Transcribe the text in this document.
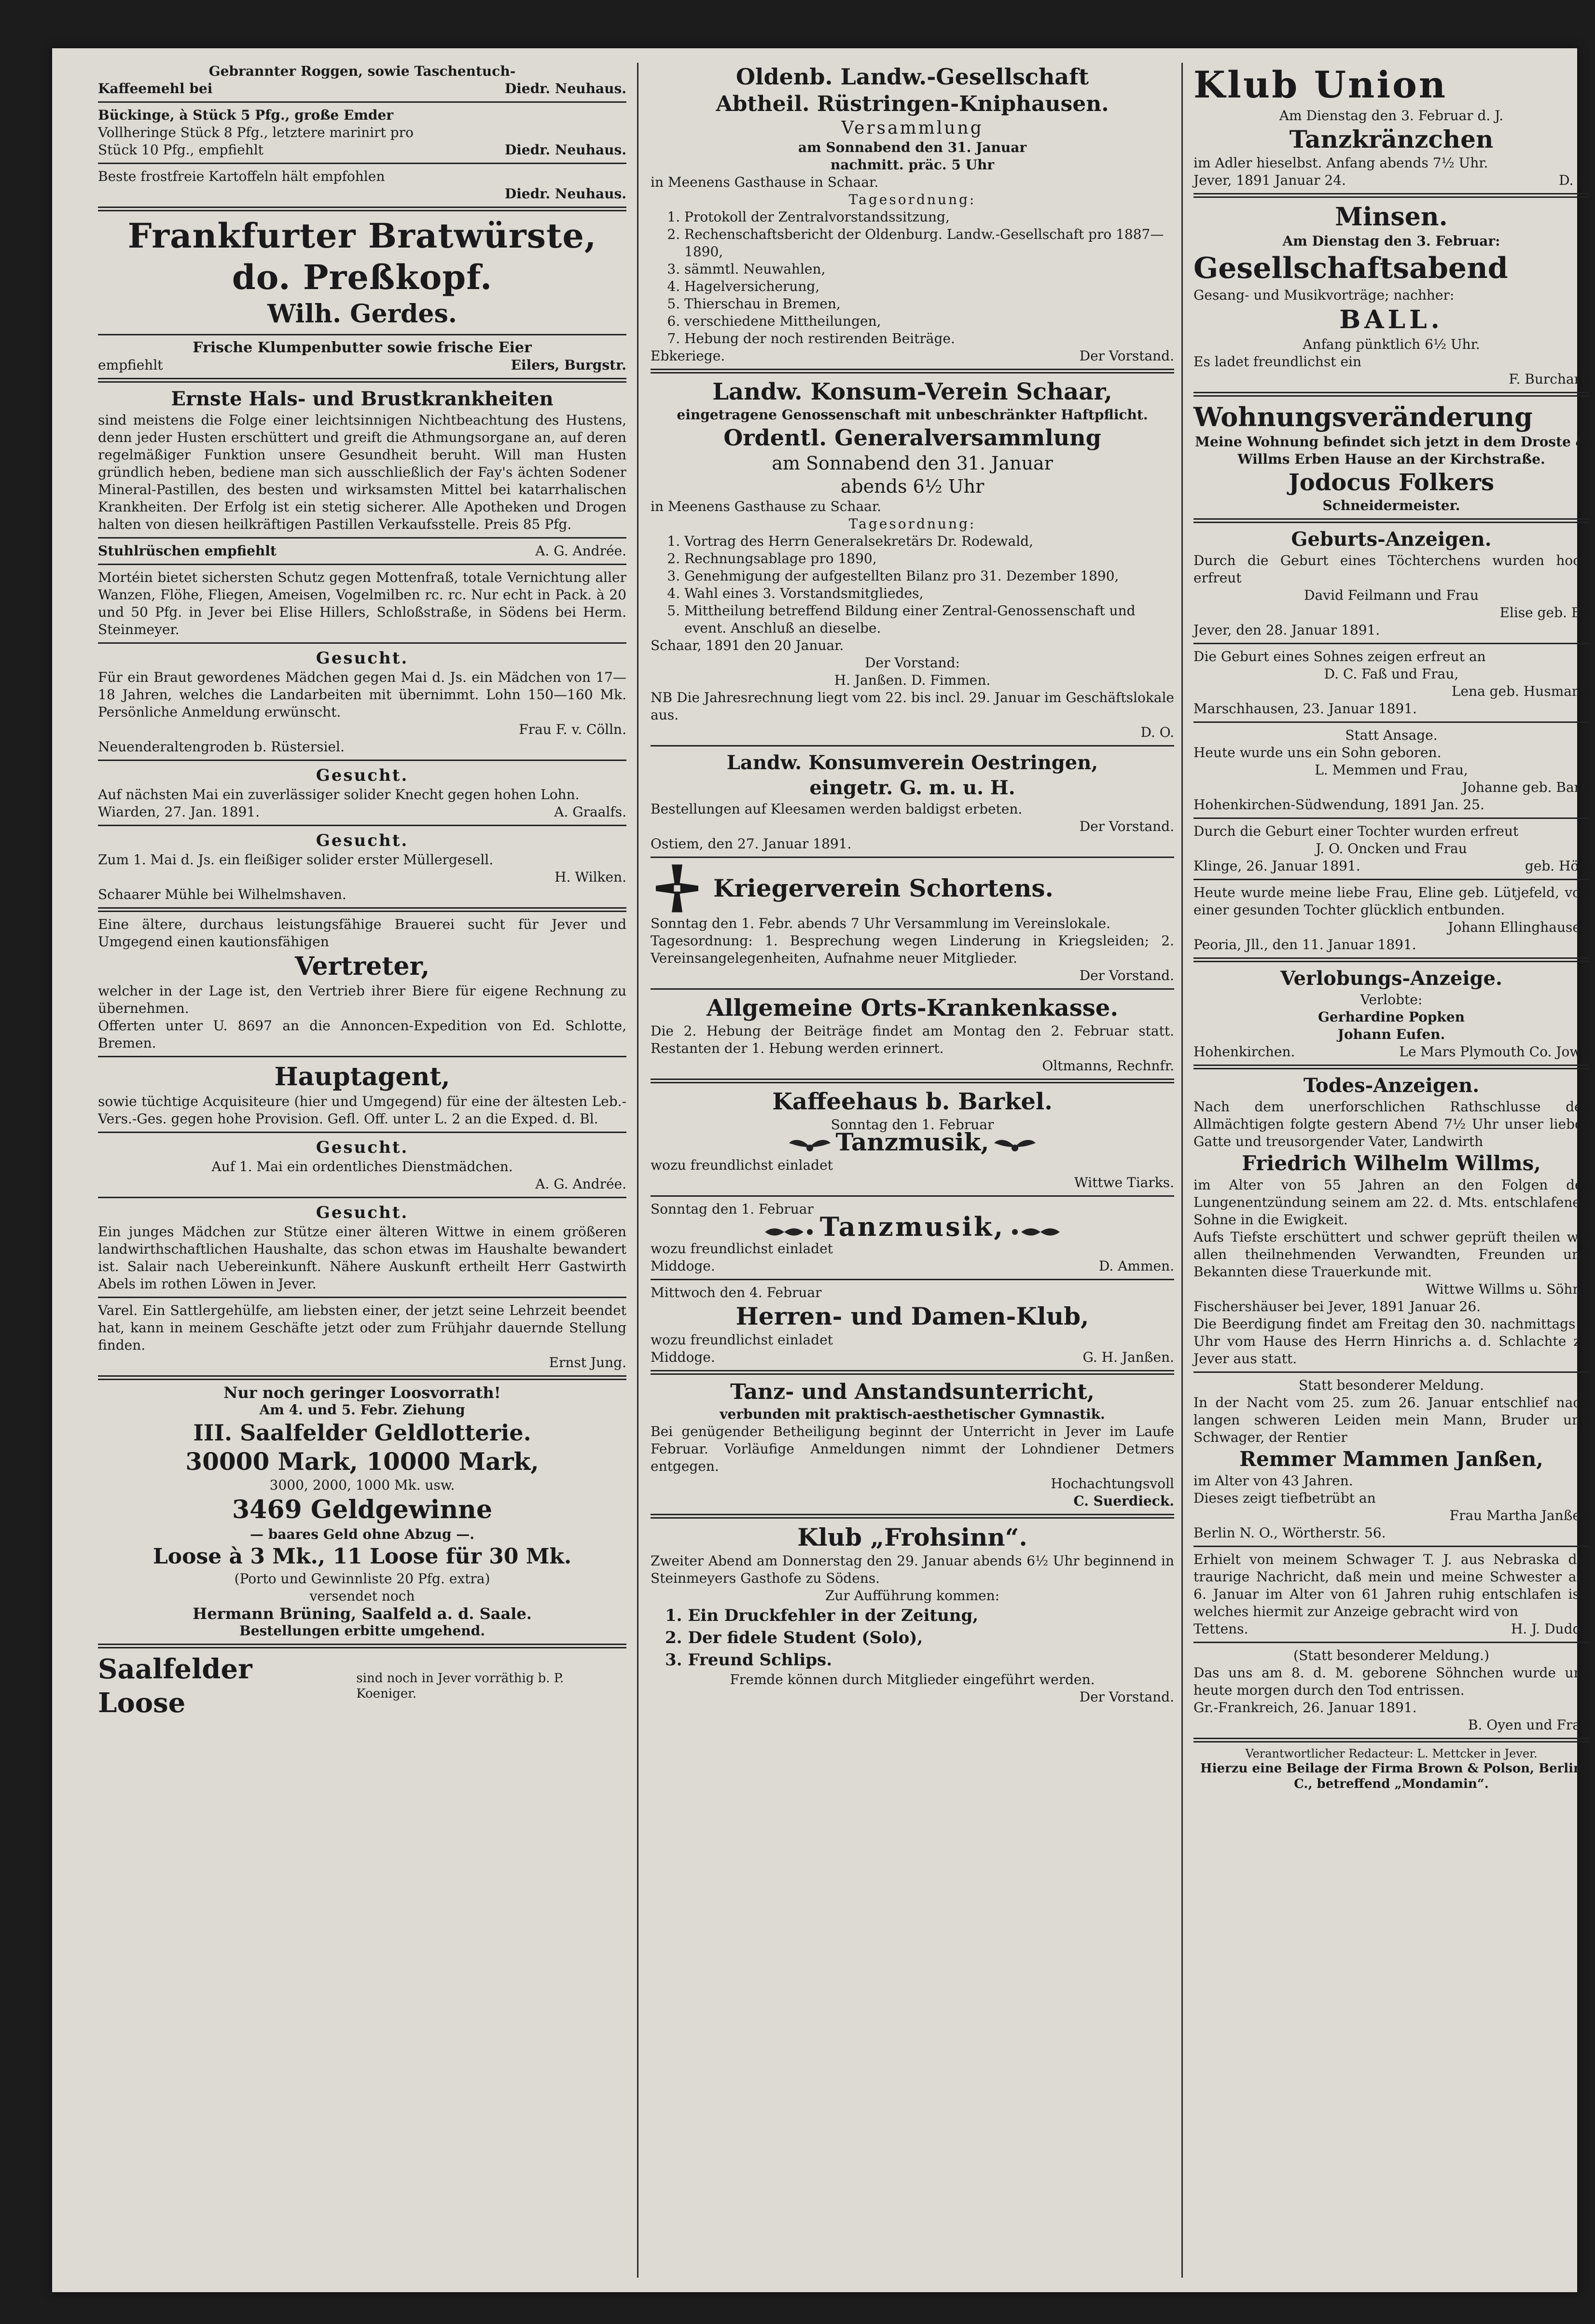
Gebrannter Roggen, sowie Taschentuch-

Kaffeemehl bei	Diedr. Neuhaus.

Bückinge, à Stück 5 Pfg., große Emder

Vollheringe Stück 8 Pfg., letztere marinirt pro

Stück 10 Pfg., empfiehlt	Diedr. Neuhaus.

Beste frostfreie Kartoffeln hält empfohlen

Diedr. Neuhaus.

Frankfurter Bratwürste,

do. Preßkopf.

Wilh. Gerdes.

Frische Klumpenbutter sowie frische Eier

empfiehlt	Eilers, Burgstr.

Ernste Hals- und Brustkrankheiten

sind meistens die Folge einer leichtsinnigen Nichtbeachtung des Hustens, denn jeder Husten erschüttert und greift die Athmungsorgane an, auf deren regelmäßiger Funktion unsere Gesundheit beruht. Will man Husten gründlich heben, bediene man sich ausschließlich der Fay's ächten Sodener Mineral-Pastillen, des besten und wirksamsten Mittel bei katarrhalischen Krankheiten. Der Erfolg ist ein stetig sicherer. Alle Apotheken und Drogen halten von diesen heilkräftigen Pastillen Verkaufsstelle. Preis 85 Pfg.

Stuhlrüschen empfiehlt	A. G. Andrée.

Mortéin bietet sichersten Schutz gegen Mottenfraß, totale Vernichtung aller Wanzen, Flöhe, Fliegen, Ameisen, Vogelmilben rc. rc. Nur echt in Pack. à 20 und 50 Pfg. in Jever bei Elise Hillers, Schloßstraße, in Södens bei Herm. Steinmeyer.

Gesucht.

Für ein Braut gewordenes Mädchen gegen Mai d. Js. ein Mädchen von 17—18 Jahren, welches die Landarbeiten mit übernimmt. Lohn 150—160 Mk. Persönliche Anmeldung erwünscht.

Frau F. v. Cölln.

Neuenderaltengroden b. Rüstersiel.

Gesucht.

Auf nächsten Mai ein zuverlässiger solider Knecht gegen hohen Lohn.

Wiarden, 27. Jan. 1891.	A. Graalfs.

Gesucht.

Zum 1. Mai d. Js. ein fleißiger solider erster Müllergesell.

H. Wilken.

Schaarer Mühle bei Wilhelmshaven.

Eine ältere, durchaus leistungsfähige Brauerei sucht für Jever und Umgegend einen kautionsfähigen

Vertreter,

welcher in der Lage ist, den Vertrieb ihrer Biere für eigene Rechnung zu übernehmen.

Offerten unter U. 8697 an die Annoncen-Expedition von Ed. Schlotte, Bremen.

Hauptagent,

sowie tüchtige Acquisiteure (hier und Umgegend) für eine der ältesten Leb.-Vers.-Ges. gegen hohe Provision. Gefl. Off. unter L. 2 an die Exped. d. Bl.

Gesucht.

Auf 1. Mai ein ordentliches Dienstmädchen.

A. G. Andrée.

Gesucht.

Ein junges Mädchen zur Stütze einer älteren Wittwe in einem größeren landwirthschaftlichen Haushalte, das schon etwas im Haushalte bewandert ist. Salair nach Uebereinkunft. Nähere Auskunft ertheilt Herr Gastwirth Abels im rothen Löwen in Jever.

Varel. Ein Sattlergehülfe, am liebsten einer, der jetzt seine Lehrzeit beendet hat, kann in meinem Geschäfte jetzt oder zum Frühjahr dauernde Stellung finden.

Ernst Jung.

Nur noch geringer Loosvorrath!

Am 4. und 5. Febr. Ziehung

III. Saalfelder Geldlotterie.

30000 Mark, 10000 Mark,

3000, 2000, 1000 Mk. usw.

3469 Geldgewinne

— baares Geld ohne Abzug —.

Loose à 3 Mk., 11 Loose für 30 Mk.

(Porto und Gewinnliste 20 Pfg. extra)

versendet noch

Hermann Brüning, Saalfeld a. d. Saale.

Bestellungen erbitte umgehend.

Saalfelder Loose

sind noch in Jever vorräthig b. P. Koeniger.

Oldenb. Landw.-Gesellschaft

Abtheil. Rüstringen-Kniphausen.

Versammlung

am Sonnabend den 31. Januar

nachmitt. präc. 5 Uhr

in Meenens Gasthause in Schaar.

Tagesordnung:

1. Protokoll der Zentralvorstandssitzung,
2. Rechenschaftsbericht der Oldenburg. Landw.-Gesellschaft pro 1887—1890,
3. sämmtl. Neuwahlen,
4. Hagelversicherung,
5. Thierschau in Bremen,
6. verschiedene Mittheilungen,
7. Hebung der noch restirenden Beiträge.

Ebkeriege.	Der Vorstand.

Landw. Konsum-Verein Schaar,

eingetragene Genossenschaft mit unbeschränkter Haftpflicht.

Ordentl. Generalversammlung

am Sonnabend den 31. Januar

abends 6½ Uhr

in Meenens Gasthause zu Schaar.

Tagesordnung:

1. Vortrag des Herrn Generalsekretärs Dr. Rodewald,
2. Rechnungsablage pro 1890,
3. Genehmigung der aufgestellten Bilanz pro 31. Dezember 1890,
4. Wahl eines 3. Vorstandsmitgliedes,
5. Mittheilung betreffend Bildung einer Zentral-Genossenschaft und event. Anschluß an dieselbe.

Schaar, 1891 den 20 Januar.

Der Vorstand:

H. Janßen. D. Fimmen.

NB Die Jahresrechnung liegt vom 22. bis incl. 29. Januar im Geschäftslokale aus.

D. O.

Landw. Konsumverein Oestringen,

eingetr. G. m. u. H.

Bestellungen auf Kleesamen werden baldigst erbeten.

Der Vorstand.

Ostiem, den 27. Januar 1891.

Kriegerverein Schortens.

Sonntag den 1. Febr. abends 7 Uhr Versammlung im Vereinslokale.

Tagesordnung: 1. Besprechung wegen Linderung in Kriegsleiden; 2. Vereinsangelegenheiten, Aufnahme neuer Mitglieder.

Der Vorstand.

Allgemeine Orts-Krankenkasse.

Die 2. Hebung der Beiträge findet am Montag den 2. Februar statt. Restanten der 1. Hebung werden erinnert.

Oltmanns, Rechnfr.

Kaffeehaus b. Barkel.

Sonntag den 1. Februar

Tanzmusik,

wozu freundlichst einladet

Wittwe Tiarks.

Sonntag den 1. Februar

Tanzmusik,

wozu freundlichst einladet

Middoge.	D. Ammen.

Mittwoch den 4. Februar

Herren- und Damen-Klub,

wozu freundlichst einladet

Middoge.	G. H. Janßen.

Tanz- und Anstandsunterricht,

verbunden mit praktisch-aesthetischer Gymnastik.

Bei genügender Betheiligung beginnt der Unterricht in Jever im Laufe Februar. Vorläufige Anmeldungen nimmt der Lohndiener Detmers entgegen.

Hochachtungsvoll

C. Suerdieck.

Klub „Frohsinn“.

Zweiter Abend am Donnerstag den 29. Januar abends 6½ Uhr beginnend in Steinmeyers Gasthofe zu Södens.

Zur Aufführung kommen:

1. Ein Druckfehler in der Zeitung,

2. Der fidele Student (Solo),

3. Freund Schlips.

Fremde können durch Mitglieder eingeführt werden.

Der Vorstand.

Klub Union

Am Dienstag den 3. Februar d. J.

Tanzkränzchen

im Adler hieselbst. Anfang abends 7½ Uhr.

Jever, 1891 Januar 24.	D. z.

Minsen.

Am Dienstag den 3. Februar:

Gesellschaftsabend

Gesang- und Musikvorträge; nachher:

BALL.

Anfang pünktlich 6½ Uhr.

Es ladet freundlichst ein

F. Burchard

Wohnungsveränderung

Meine Wohnung befindet sich jetzt in dem Droste & Willms Erben Hause an der Kirchstraße.

Jodocus Folkers

Schneidermeister.

Geburts-Anzeigen.

Durch die Geburt eines Töchterchens wurden hoch erfreut

David Feilmann und Frau

Elise geb. Be

Jever, den 28. Januar 1891.

Die Geburt eines Sohnes zeigen erfreut an

D. C. Faß und Frau,

Lena geb. Husmann

Marschhausen, 23. Januar 1891.

Statt Ansage.

Heute wurde uns ein Sohn geboren.

L. Memmen und Frau,

Johanne geb. Barg

Hohenkirchen-Südwendung, 1891 Jan. 25.

Durch die Geburt einer Tochter wurden erfreut

J. O. Oncken und Frau

Klinge, 26. Januar 1891.	geb. Höft

Heute wurde meine liebe Frau, Eline geb. Lütjefeld, von einer gesunden Tochter glücklich entbunden.

Johann Ellinghausen

Peoria, Jll., den 11. Januar 1891.

Verlobungs-Anzeige.

Verlobte:

Gerhardine Popken

Johann Eufen.

Hohenkirchen.	Le Mars Plymouth Co. Jowa

Todes-Anzeigen.

Nach dem unerforschlichen Rathschlusse des Allmächtigen folgte gestern Abend 7½ Uhr unser lieber Gatte und treusorgender Vater, Landwirth

Friedrich Wilhelm Willms,

im Alter von 55 Jahren an den Folgen der Lungenentzündung seinem am 22. d. Mts. entschlafenen Sohne in die Ewigkeit.

Aufs Tiefste erschüttert und schwer geprüft theilen wir allen theilnehmenden Verwandten, Freunden und Bekannten diese Trauerkunde mit.

Wittwe Willms u. Söhne

Fischershäuser bei Jever, 1891 Januar 26.

Die Beerdigung findet am Freitag den 30. nachmittags 2 Uhr vom Hause des Herrn Hinrichs a. d. Schlachte zu Jever aus statt.

Statt besonderer Meldung.

In der Nacht vom 25. zum 26. Januar entschlief nach langen schweren Leiden mein Mann, Bruder und Schwager, der Rentier

Remmer Mammen Janßen,

im Alter von 43 Jahren.

Dieses zeigt tiefbetrübt an

Frau Martha Janßen

Berlin N. O., Wörtherstr. 56.

Erhielt von meinem Schwager T. J. aus Nebraska die traurige Nachricht, daß mein und meine Schwester am 6. Januar im Alter von 61 Jahren ruhig entschlafen ist, welches hiermit zur Anzeige gebracht wird von

Tettens.	H. J. Dudde

(Statt besonderer Meldung.)

Das uns am 8. d. M. geborene Söhnchen wurde uns heute morgen durch den Tod entrissen.

Gr.-Frankreich, 26. Januar 1891.

B. Oyen und Frau

Verantwortlicher Redacteur: L. Mettcker in Jever.

Hierzu eine Beilage der Firma Brown & Polson, Berlin C., betreffend „Mondamin“.
